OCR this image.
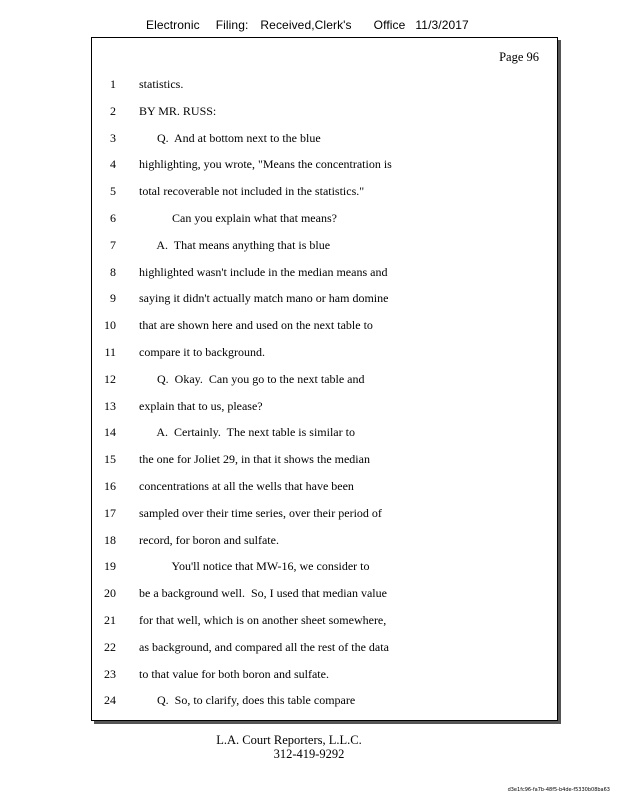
Electronic Filing: Received,Clerk's Office 11/3/2017
Page 96
1
2
3
4
5
6
7
8
9
10
11
12
13
14
15
16
17
18
19
20
21
22
23
24
statistics.
BY MR. RUSS:
Q.  And at bottom next to the blue
highlighting, you wrote, "Means the concentration is
total recoverable not included in the statistics."
Can you explain what that means?
A.  That means anything that is blue
highlighted wasn't include in the median means and
saying it didn't actually match mano or ham domine
that are shown here and used on the next table to
compare it to background.
Q.  Okay.  Can you go to the next table and
explain that to us, please?
A.  Certainly.  The next table is similar to
the one for Joliet 29, in that it shows the median
concentrations at all the wells that have been
sampled over their time series, over their period of
record, for boron and sulfate.
You'll notice that MW-16, we consider to
be a background well.  So, I used that median value
for that well, which is on another sheet somewhere,
as background, and compared all the rest of the data
to that value for both boron and sulfate.
Q.  So, to clarify, does this table compare
L.A. Court Reporters, L.L.C.
312-419-9292
d3e1fc96-fa7b-48f5-b4de-f5330b08ba63
